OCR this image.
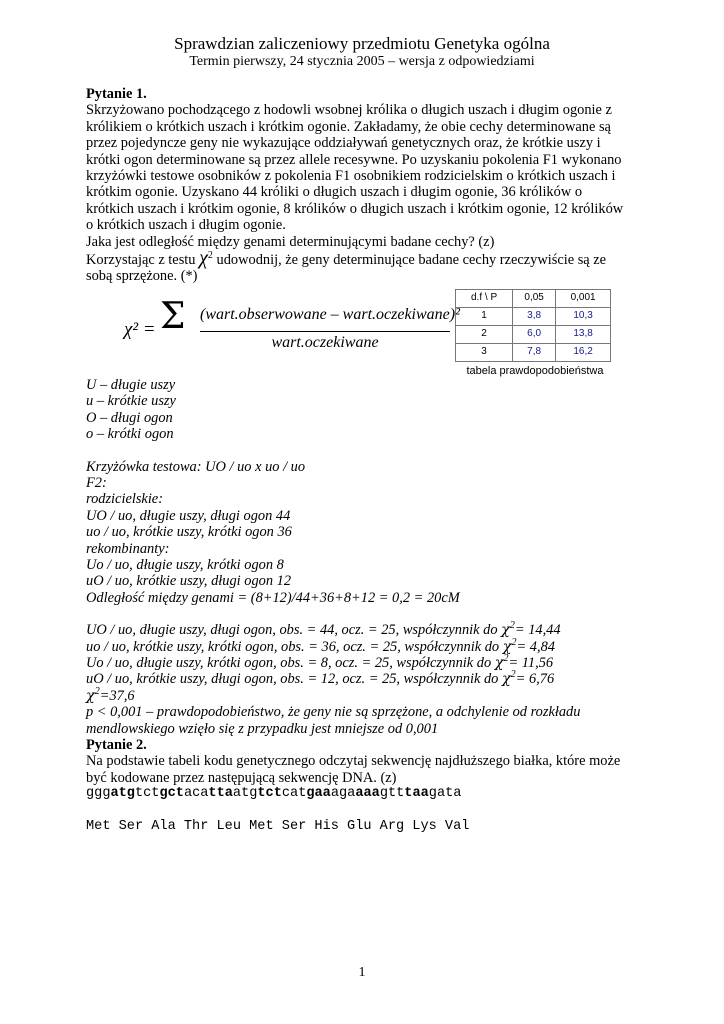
Sprawdzian zaliczeniowy przedmiotu Genetyka ogólna
Termin pierwszy, 24 stycznia 2005 – wersja z odpowiedziami

Pytanie 1.

Skrzyżowano pochodzącego z hodowli wsobnej królika o długich uszach i długim ogonie z

królikiem o krótkich uszach i krótkim ogonie. Zakładamy, że obie cechy determinowane są

przez pojedyncze geny nie wykazujące oddziaływań genetycznych oraz, że krótkie uszy i

krótki ogon determinowane są przez allele recesywne. Po uzyskaniu pokolenia F1 wykonano

krzyżówki testowe osobników z pokolenia F1 osobnikiem rodzicielskim o krótkich uszach i

krótkim ogonie. Uzyskano 44 króliki o długich uszach i długim ogonie, 36 królików o

krótkich uszach i krótkim ogonie, 8 królików o długich uszach i krótkim ogonie, 12 królików

o krótkich uszach i długim ogonie.

Jaka jest odległość między genami determinującymi badane cechy? (z)

Korzystając z testu $\chi^2$ udowodnij, że geny determinujące badane cechy rzeczywiście są ze

sobą sprzężone. (*)

χ² = Σ (wart.obserwowane – wart.oczekiwane)²
wart.oczekiwane
d.f \ P	0,05	0,001
1	3,8	10,3
2	6,0	13,8
3	7,8	16,2
tabela prawdopodobieństwa

U – długie uszy

u – krótkie uszy

O – długi ogon

o – krótki ogon

Krzyżówka testowa: UO / uo x uo / uo

F2:

rodzicielskie:

UO / uo, długie uszy, długi ogon 44

uo / uo, krótkie uszy, krótki ogon 36

rekombinanty:

Uo / uo, długie uszy, krótki ogon 8

uO / uo, krótkie uszy, długi ogon 12

Odległość między genami = (8+12)/44+36+8+12 = 0,2 = 20cM

UO / uo, długie uszy, długi ogon, obs. = 44, ocz. = 25, współczynnik do $\chi^2= 14,44$

uo / uo, krótkie uszy, krótki ogon, obs. = 36, ocz. = 25, współczynnik do $\chi^2= 4,84$

Uo / uo, długie uszy, krótki ogon, obs. = 8, ocz. = 25, współczynnik do $\chi^2= 11,56$

uO / uo, krótkie uszy, długi ogon, obs. = 12, ocz. = 25, współczynnik do $\chi^2= 6,76$

$\chi^2=37,6$

p < 0,001 – prawdopodobieństwo, że geny nie są sprzężone, a odchylenie od rozkładu

mendlowskiego wzięło się z przypadku jest mniejsze od 0,001

Pytanie 2.

Na podstawie tabeli kodu genetycznego odczytaj sekwencję najdłuższego białka, które może

być kodowane przez następującą sekwencję DNA. (z)

gggatgtctgctacattaatgtctcatgaaagaaaagtttaagata

Met Ser Ala Thr Leu Met Ser His Glu Arg Lys Val

1
